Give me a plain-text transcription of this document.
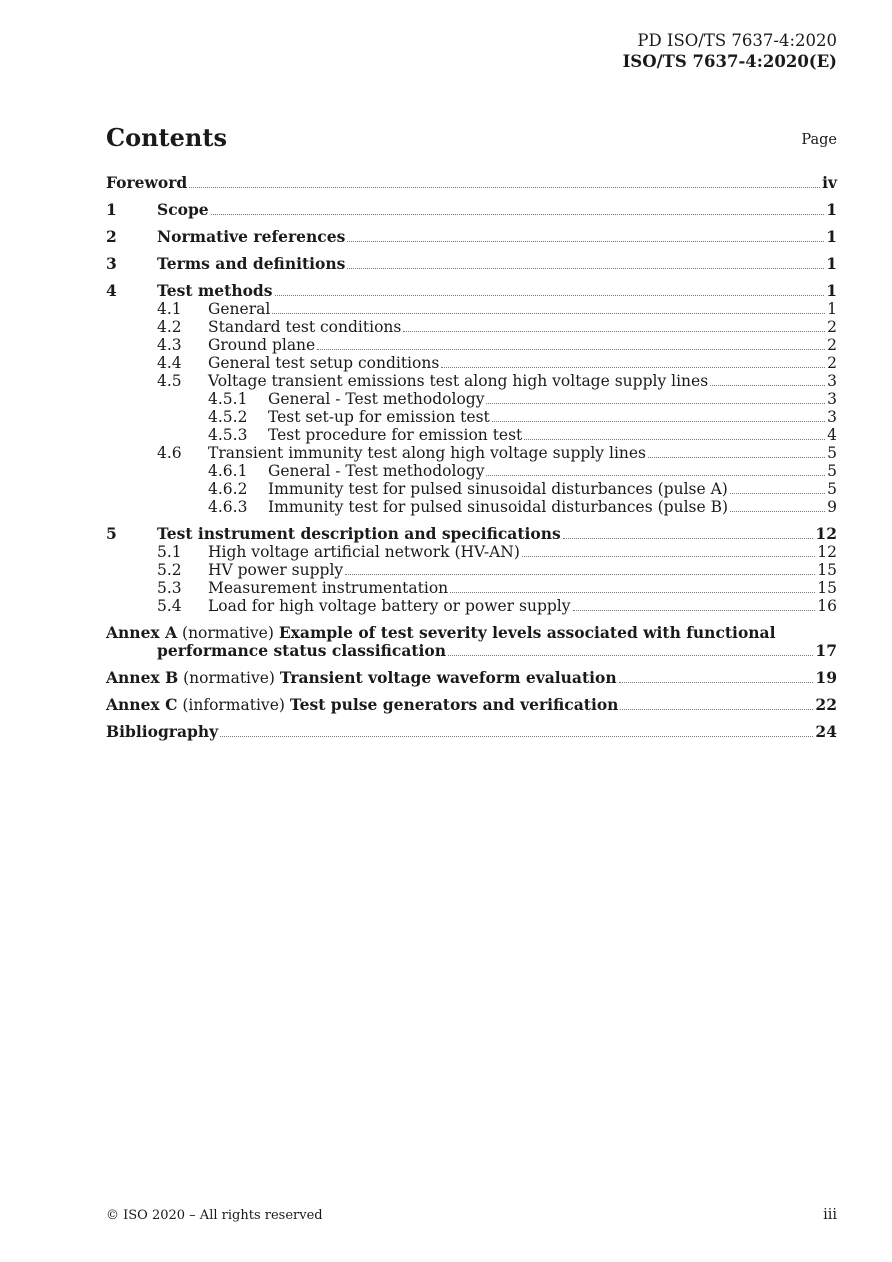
PD ISO/TS 7637-4:2020
ISO/TS 7637-4:2020(E)
Contents	Page
Foreword	iv
1	Scope	1
2	Normative references	1
3	Terms and definitions	1
4	Test methods	1
4.1	General	1
4.2	Standard test conditions	2
4.3	Ground plane	2
4.4	General test setup conditions	2
4.5	Voltage transient emissions test along high voltage supply lines	3
4.5.1	General - Test methodology	3
4.5.2	Test set-up for emission test	3
4.5.3	Test procedure for emission test	4
4.6	Transient immunity test along high voltage supply lines	5
4.6.1	General - Test methodology	5
4.6.2	Immunity test for pulsed sinusoidal disturbances (pulse A)	5
4.6.3	Immunity test for pulsed sinusoidal disturbances (pulse B)	9
5	Test instrument description and specifications	12
5.1	High voltage artificial network (HV-AN)	12
5.2	HV power supply	15
5.3	Measurement instrumentation	15
5.4	Load for high voltage battery or power supply	16
Annex A (normative) Example of test severity levels associated with functional
performance status classification	17
Annex B (normative) Transient voltage waveform evaluation	19
Annex C (informative) Test pulse generators and verification	22
Bibliography	24
© ISO 2020 – All rights reserved	iii
